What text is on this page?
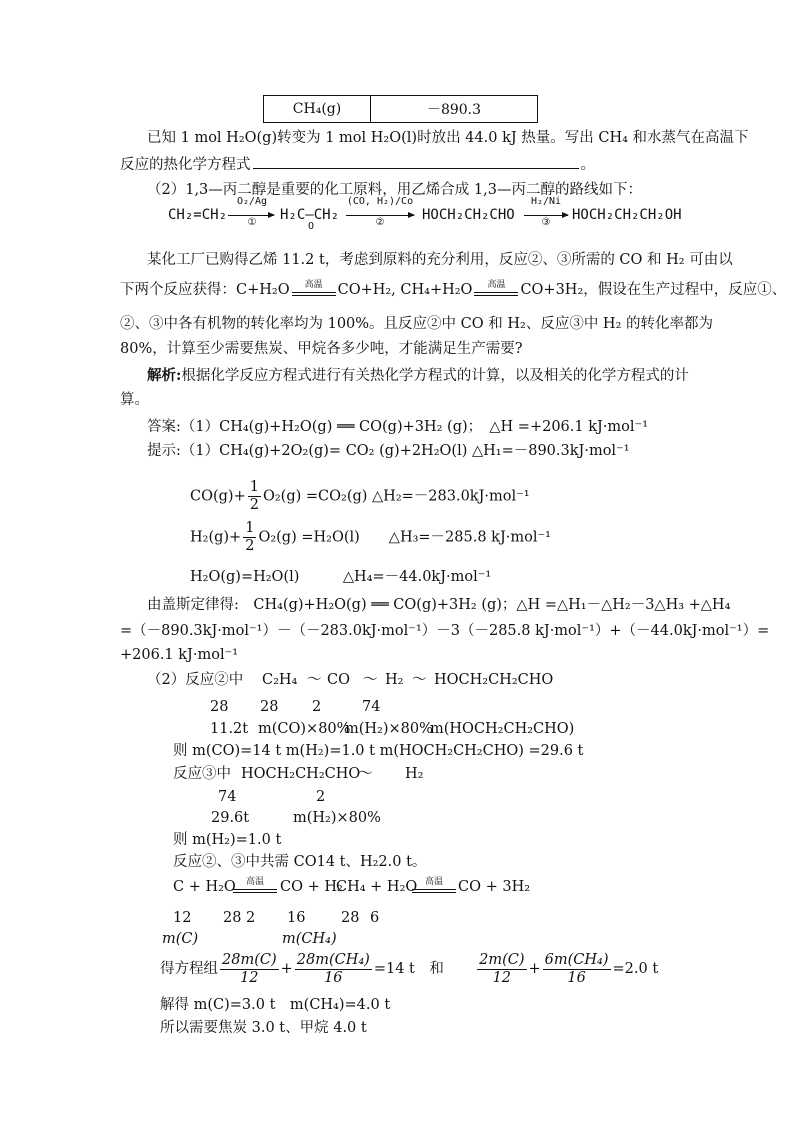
CH₄(g)	－890.3
已知 1 mol H₂O(g)转变为 1 mol H₂O(l)时放出 44.0 kJ 热量。写出 CH₄ 和水蒸气在高温下
反应的热化学方程式	。
（2）1,3—丙二醇是重要的化工原料，用乙烯合成 1,3—丙二醇的路线如下：
CH₂=CH₂
O₂/Ag
①	H₂C–CH₂
O
(CO, H₂)/Co
②	HOCH₂CH₂CHO
H₂/Ni
③	HOCH₂CH₂CH₂OH
某化工厂已购得乙烯 11.2 t，考虑到原料的充分利用，反应②、③所需的 CO 和 H₂ 可由以
下两个反应获得：C+H₂O	高温	CO+H₂, CH₄+H₂O	高温	CO+3H₂，假设在生产过程中，反应①、
②、③中各有机物的转化率均为 100%。且反应②中 CO 和 H₂、反应③中 H₂ 的转化率都为
80%，计算至少需要焦炭、甲烷各多少吨，才能满足生产需要?
解析:根据化学反应方程式进行有关热化学方程式的计算，以及相关的化学方程式的计
算。
答案:（1）CH₄(g)+H₂O(g) ══ CO(g)+3H₂ (g)；　△H =+206.1 kJ·mol⁻¹
提示:（1）CH₄(g)+2O₂(g)= CO₂ (g)+2H₂O(l) △H₁=－890.3kJ·mol⁻¹
$CO(g)+ \frac{1}{2} O_2(g) =CO_2(g)$ △H₂=－283.0kJ·mol⁻¹
$H_2(g)+ \frac{1}{2} O_2(g) =H_2O(l)$　　△H₃=－285.8 kJ·mol⁻¹
H₂O(g)=H₂O(l)　　　△H₄=－44.0kJ·mol⁻¹
由盖斯定律得:　CH₄(g)+H₂O(g) ══ CO(g)+3H₂ (g)；△H =△H₁－△H₂－3△H₃ +△H₄
=（－890.3kJ·mol⁻¹）－（－283.0kJ·mol⁻¹）－3（－285.8 kJ·mol⁻¹）+（－44.0kJ·mol⁻¹）=
+206.1 kJ·mol⁻¹
（2）反应②中 C₂H₄ ～ CO ～ H₂ ～ HOCH₂CH₂CHO
28 28 2	74
11.2t m(CO)×80%
m(H₂)×80%
m(HOCH₂CH₂CHO)
则 m(CO)=14 t m(H₂)=1.0 t m(HOCH₂CH₂CHO) =29.6 t
反应③中 HOCH₂CH₂CHO
～ H₂
74	2
29.6t	m(H₂)×80%
则 m(H₂)=1.0 t
反应②、③中共需 CO14 t、H₂2.0 t。
C + H₂O	高温	CO + H₂
CH₄ + H₂O 高温	CO + 3H₂
12 28 2 16 28 6
m(C)	m(CH₄)
得方程组 $\frac{28m(C)}{12} + \frac{\text{28m(CH₄)}}{16} =14$ t　和 $\frac{2m(C)}{12} + \frac{\text{6m(CH₄)}}{16} =2.0$ t
解得 m(C)=3.0 t　m(CH₄)=4.0 t
所以需要焦炭 3.0 t、甲烷 4.0 t
